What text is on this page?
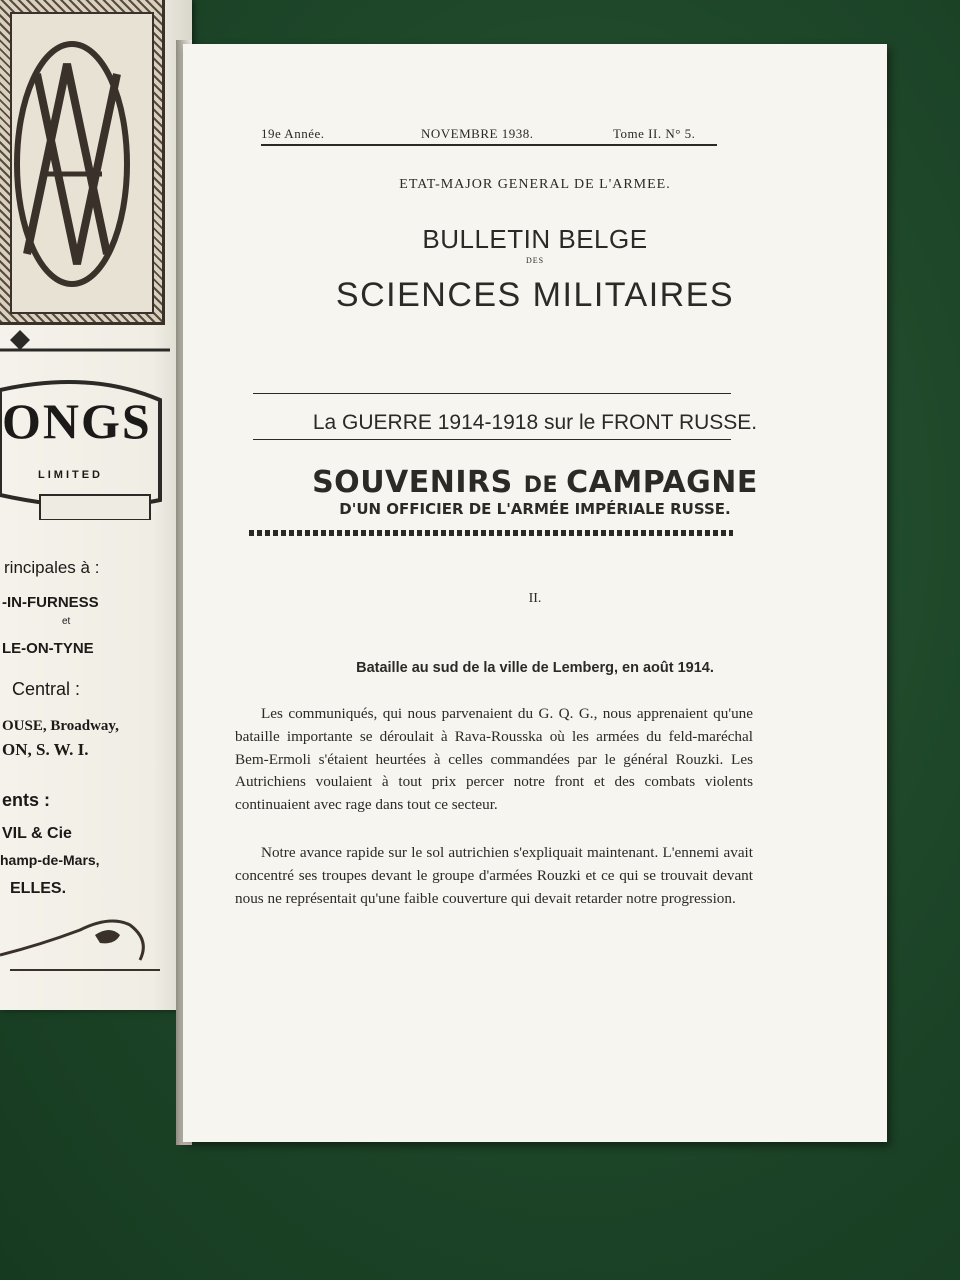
ONGS
LIMITED
rincipales à :
-IN-FURNESS
et
LE-ON-TYNE
Central :
OUSE, Broadway,
ON, S. W. I.
ents :
VIL & Cie
hamp-de-Mars,
ELLES.
19e Année.	NOVEMBRE 1938.	Tome II. N° 5.

ETAT-MAJOR GENERAL DE L'ARMEE.
BULLETIN BELGE
DES
SCIENCES MILITAIRES
La GUERRE 1914-1918 sur le FRONT RUSSE.
SOUVENIRS DE CAMPAGNE
D'UN OFFICIER DE L'ARMÉE IMPÉRIALE RUSSE.
II.
Bataille au sud de la ville de Lemberg, en août 1914.

Les communiqués, qui nous parvenaient du G. Q. G., nous apprenaient qu'une bataille importante se déroulait à Rava-Rousska où les armées du feld-maréchal Bem-Ermoli s'étaient heurtées à celles commandées par le général Rouzki. Les Autrichiens voulaient à tout prix percer notre front et des combats violents continuaient avec rage dans tout ce secteur.

Notre avance rapide sur le sol autrichien s'expliquait maintenant. L'ennemi avait concentré ses troupes devant le groupe d'armées Rouzki et ce qui se trouvait devant nous ne représentait qu'une faible couverture qui devait retarder notre progression.
